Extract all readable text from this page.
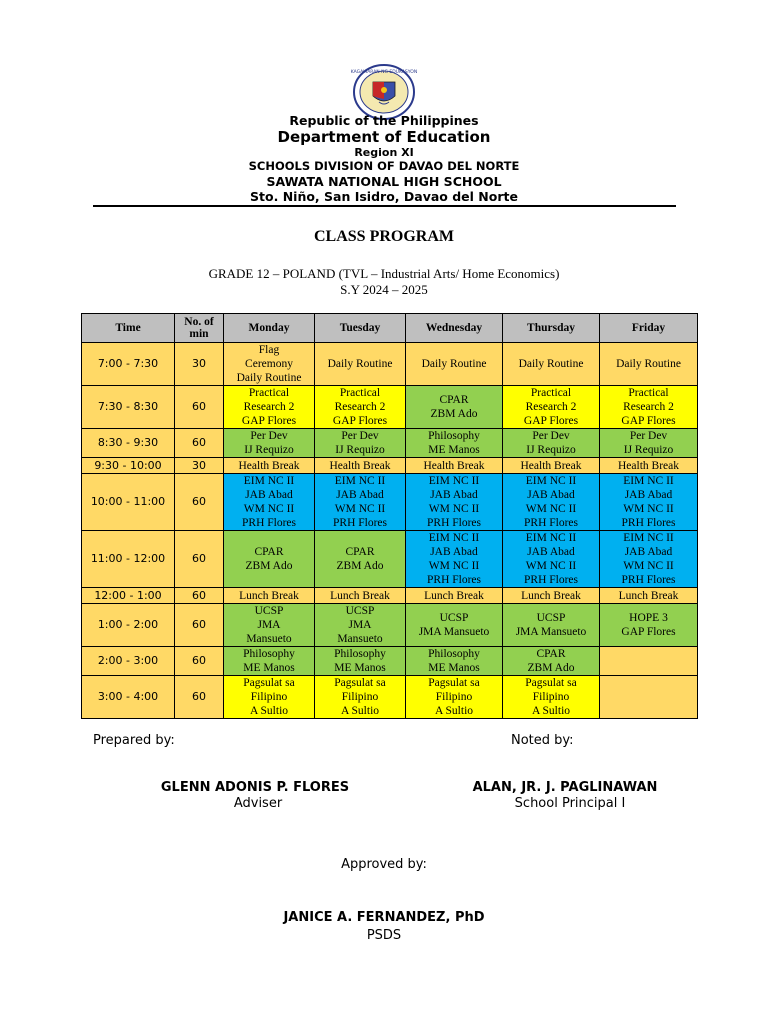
KAGAWARAN NG EDUKASYON
Republic of the Philippines
Department of Education
Region XI
SCHOOLS DIVISION OF DAVAO DEL NORTE
SAWATA NATIONAL HIGH SCHOOL
Sto. Niño, San Isidro, Davao del Norte
CLASS PROGRAM
GRADE 12 – POLAND (TVL – Industrial Arts/ Home Economics)
S.Y 2024 – 2025
Time	No. of min	Monday	Tuesday	Wednesday	Thursday	Friday
7:00 - 7:30	30	Flag
Ceremony
Daily Routine	Daily Routine	Daily Routine	Daily Routine	Daily Routine

7:30 - 8:30	60	Practical
Research 2
GAP Flores	Practical
Research 2
GAP Flores	CPAR
ZBM Ado	Practical
Research 2
GAP Flores	Practical
Research 2
GAP Flores

8:30 - 9:30	60	Per Dev
IJ Requizo	Per Dev
IJ Requizo	Philosophy
ME Manos	Per Dev
IJ Requizo	Per Dev
IJ Requizo

9:30 - 10:00	30	Health Break	Health Break	Health Break	Health Break	Health Break

10:00 - 11:00	60	EIM NC II
JAB Abad
WM NC II
PRH Flores	EIM NC II
JAB Abad
WM NC II
PRH Flores	EIM NC II
JAB Abad
WM NC II
PRH Flores	EIM NC II
JAB Abad
WM NC II
PRH Flores	EIM NC II
JAB Abad
WM NC II
PRH Flores

11:00 - 12:00	60	CPAR
ZBM Ado	CPAR
ZBM Ado	EIM NC II
JAB Abad
WM NC II
PRH Flores	EIM NC II
JAB Abad
WM NC II
PRH Flores	EIM NC II
JAB Abad
WM NC II
PRH Flores

12:00 - 1:00	60	Lunch Break	Lunch Break	Lunch Break	Lunch Break	Lunch Break

1:00 - 2:00	60	UCSP
JMA
Mansueto	UCSP
JMA
Mansueto	UCSP
JMA Mansueto	UCSP
JMA Mansueto	HOPE 3
GAP Flores

2:00 - 3:00	60	Philosophy
ME Manos	Philosophy
ME Manos	Philosophy
ME Manos	CPAR
ZBM Ado	

3:00 - 4:00	60	Pagsulat sa
Filipino
A Sultio	Pagsulat sa
Filipino
A Sultio	Pagsulat sa
Filipino
A Sultio	Pagsulat sa
Filipino
A Sultio	

Prepared by:	Noted by:
GLENN ADONIS P. FLORES
Adviser
ALAN, JR. J. PAGLINAWAN
School Principal I
Approved by:
JANICE A. FERNANDEZ, PhD
PSDS
